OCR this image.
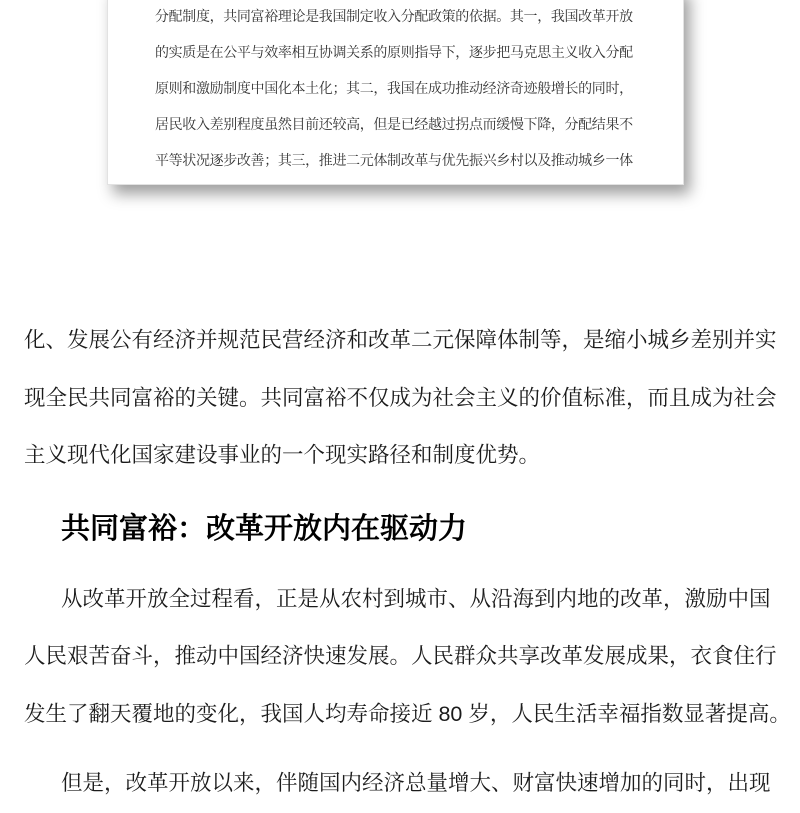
分配制度，共同富裕理论是我国制定收入分配政策的依据。其一，我国改革开放
的实质是在公平与效率相互协调关系的原则指导下，逐步把马克思主义收入分配
原则和激励制度中国化本土化；其二，我国在成功推动经济奇迹般增长的同时，
居民收入差别程度虽然目前还较高，但是已经越过拐点而缓慢下降，分配结果不
平等状况逐步改善；其三，推进二元体制改革与优先振兴乡村以及推动城乡一体
化、发展公有经济并规范民营经济和改革二元保障体制等，是缩小城乡差别并实
现全民共同富裕的关键。共同富裕不仅成为社会主义的价值标准，而且成为社会
主义现代化国家建设事业的一个现实路径和制度优势。
共同富裕：改革开放内在驱动力
从改革开放全过程看，正是从农村到城市、从沿海到内地的改革，激励中国
人民艰苦奋斗，推动中国经济快速发展。人民群众共享改革发展成果，衣食住行
发生了翻天覆地的变化，我国人均寿命接近 80 岁，人民生活幸福指数显著提高。
但是，改革开放以来，伴随国内经济总量增大、财富快速增加的同时，出现
